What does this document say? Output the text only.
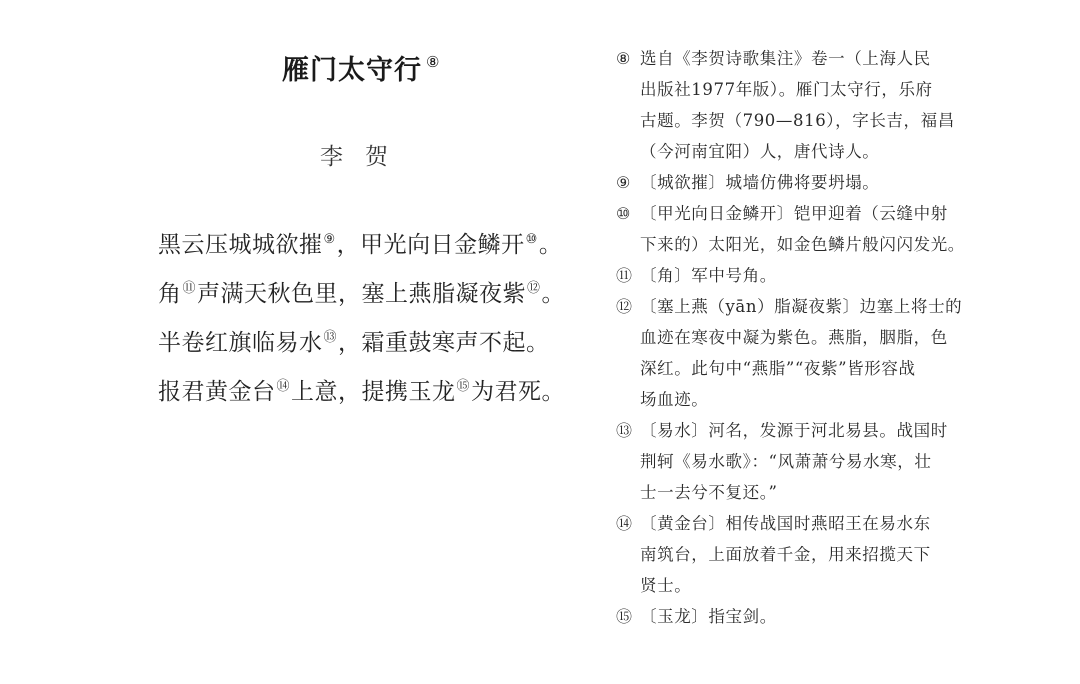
雁门太守行 ⑧
李贺
黑云压城城欲摧⑨，甲光向日金鳞开⑩。
角⑪声满天秋色里，塞上燕脂凝夜紫⑫。
半卷红旗临易水⑬，霜重鼓寒声不起。
报君黄金台⑭上意，提携玉龙⑮为君死。
⑧ 选自《李贺诗歌集注》卷一（上海人民
出版社1977年版）。雁门太守行，乐府
古题。李贺（790—816），字长吉，福昌
（今河南宜阳）人，唐代诗人。
⑨ 〔城欲摧〕城墙仿佛将要坍塌。
⑩ 〔甲光向日金鳞开〕铠甲迎着（云缝中射
下来的）太阳光，如金色鳞片般闪闪发光。
⑪ 〔角〕军中号角。
⑫ 〔塞上燕（yān）脂凝夜紫〕边塞上将士的
血迹在寒夜中凝为紫色。燕脂，胭脂，色
深红。此句中“燕脂”“夜紫”皆形容战
场血迹。
⑬ 〔易水〕河名，发源于河北易县。战国时
荆轲《易水歌》：“风萧萧兮易水寒，壮
士一去兮不复还。”
⑭ 〔黄金台〕相传战国时燕昭王在易水东
南筑台，上面放着千金，用来招揽天下
贤士。
⑮ 〔玉龙〕指宝剑。
